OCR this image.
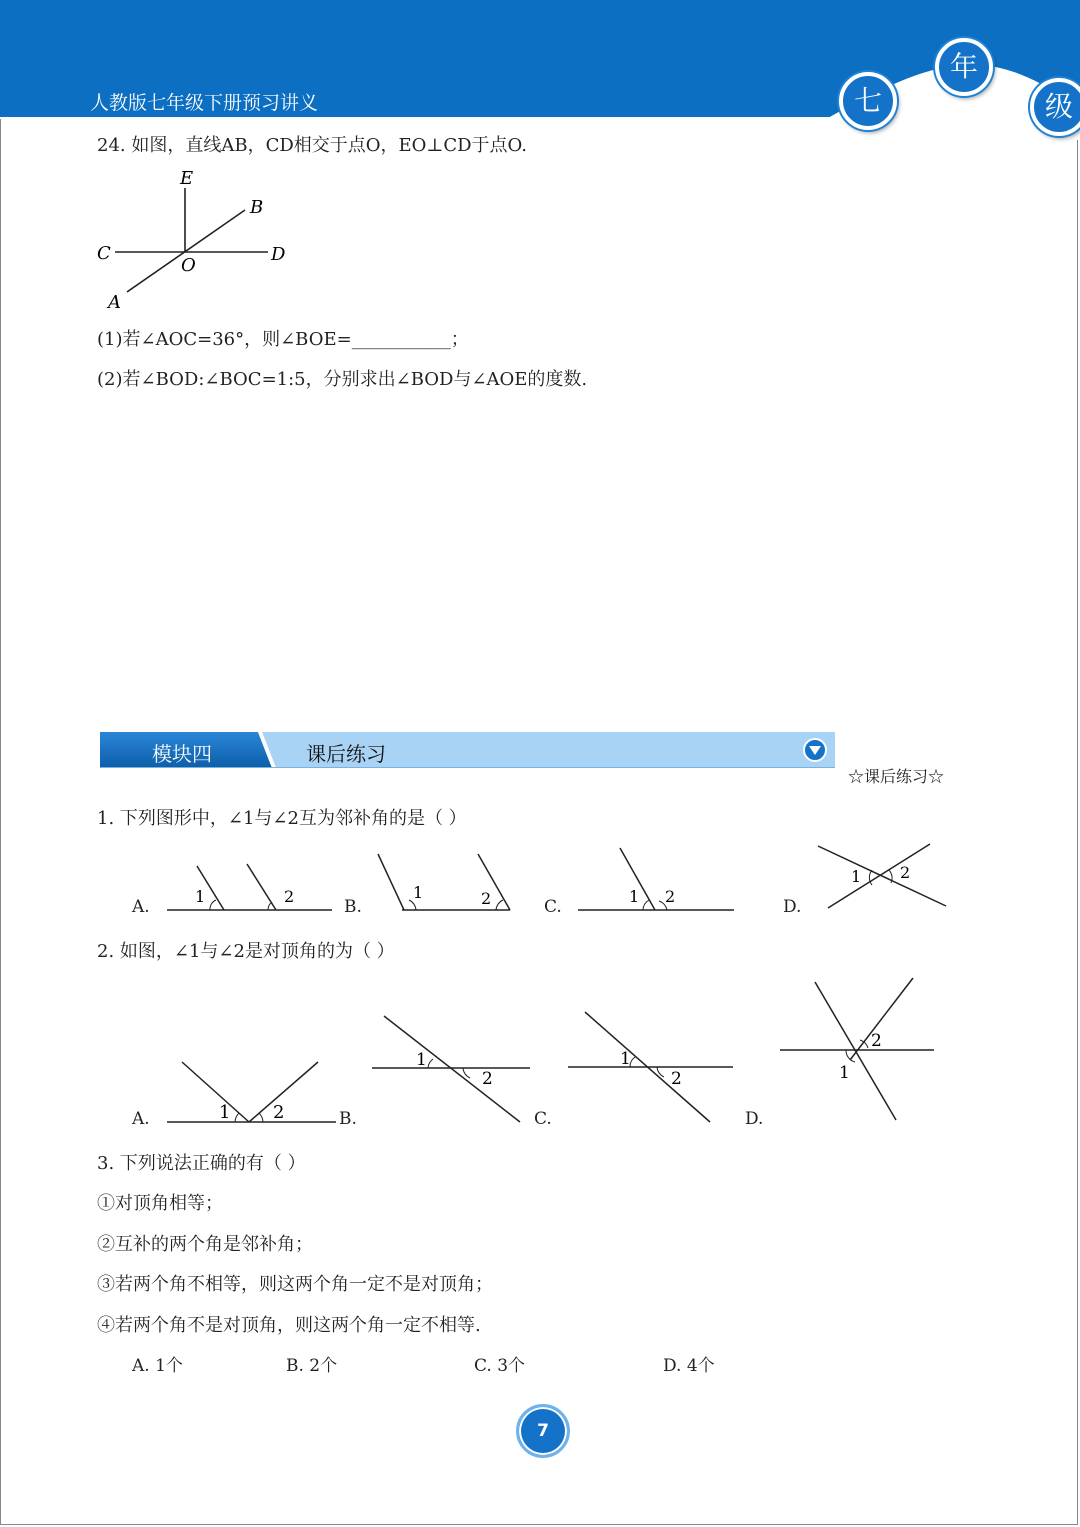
人教版七年级下册预习讲义	七
年
级
24. 如图，直线AB，CD相交于点O，EO⊥CD于点O.
E
B
C	D
O
A
(1)若∠AOC=36°，则∠BOE=___________；
(2)若∠BOD:∠BOC=1:5，分别求出∠BOD与∠AOE的度数.
模块四	课后练习
☆课后练习☆
1. 下列图形中，∠1与∠2互为邻补角的是（ ）
A.	B.	C.	D.
1	2	1	2	1 2
1 2
2. 如图，∠1与∠2是对顶角的为（ ）
A.	B.	C.	D.
1 2
1
2
1
2	1
2
3. 下列说法正确的有（ ）
①对顶角相等；
②互补的两个角是邻补角；
③若两个角不相等，则这两个角一定不是对顶角；
④若两个角不是对顶角，则这两个角一定不相等.
A. 1个	B. 2个	C. 3个	D. 4个
7
